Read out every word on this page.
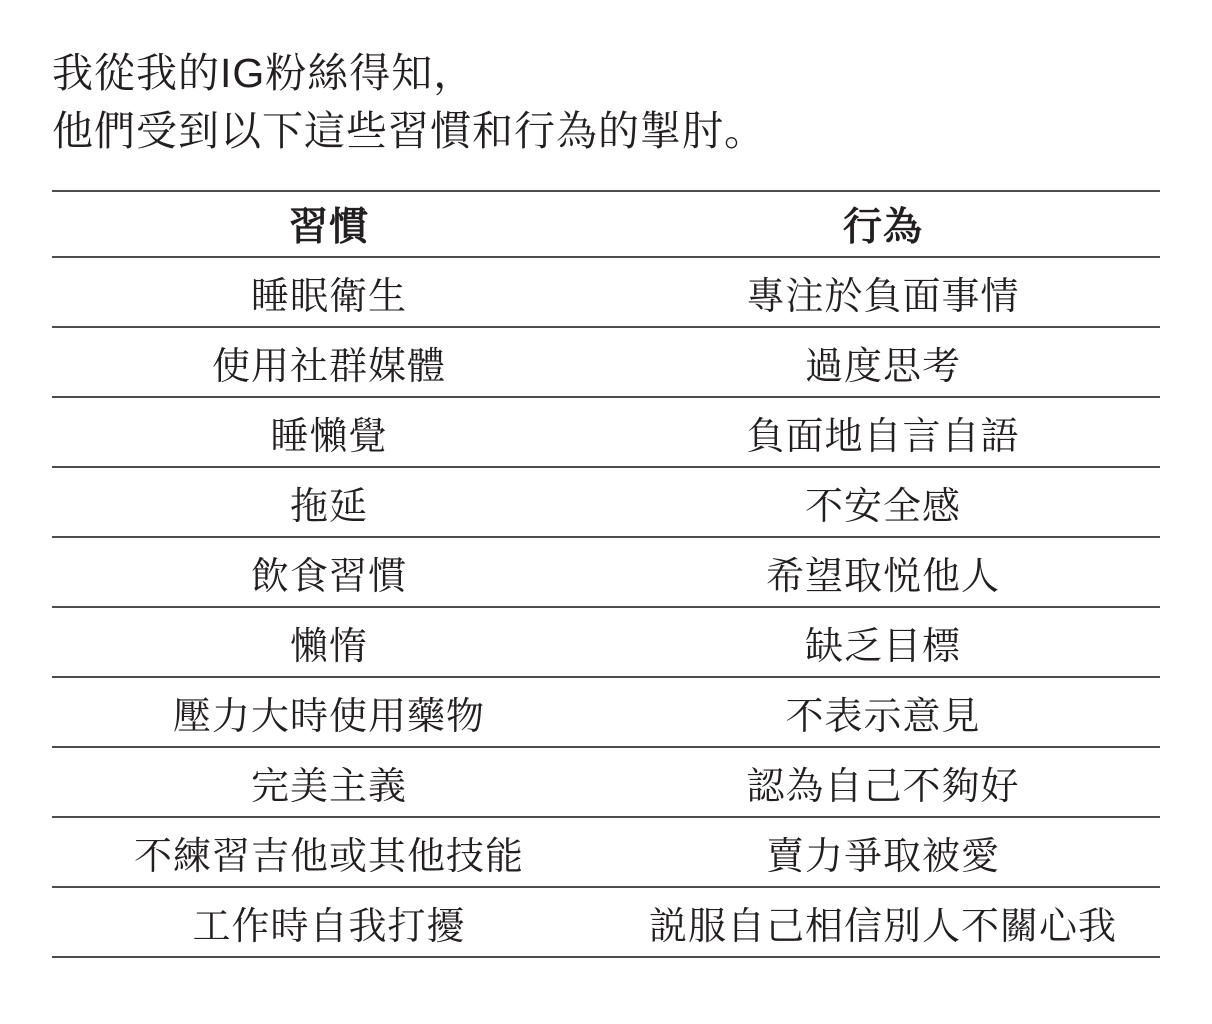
我從我的IG粉絲得知，

他們受到以下這些習慣和行為的掣肘。

習慣	行為
睡眠衛生	專注於負面事情
使用社群媒體	過度思考
睡懶覺	負面地自言自語
拖延	不安全感
飲食習慣	希望取悦他人
懶惰	缺乏目標
壓力大時使用藥物	不表示意見
完美主義	認為自己不夠好
不練習吉他或其他技能	賣力爭取被愛
工作時自我打擾	説服自己相信別人不關心我
